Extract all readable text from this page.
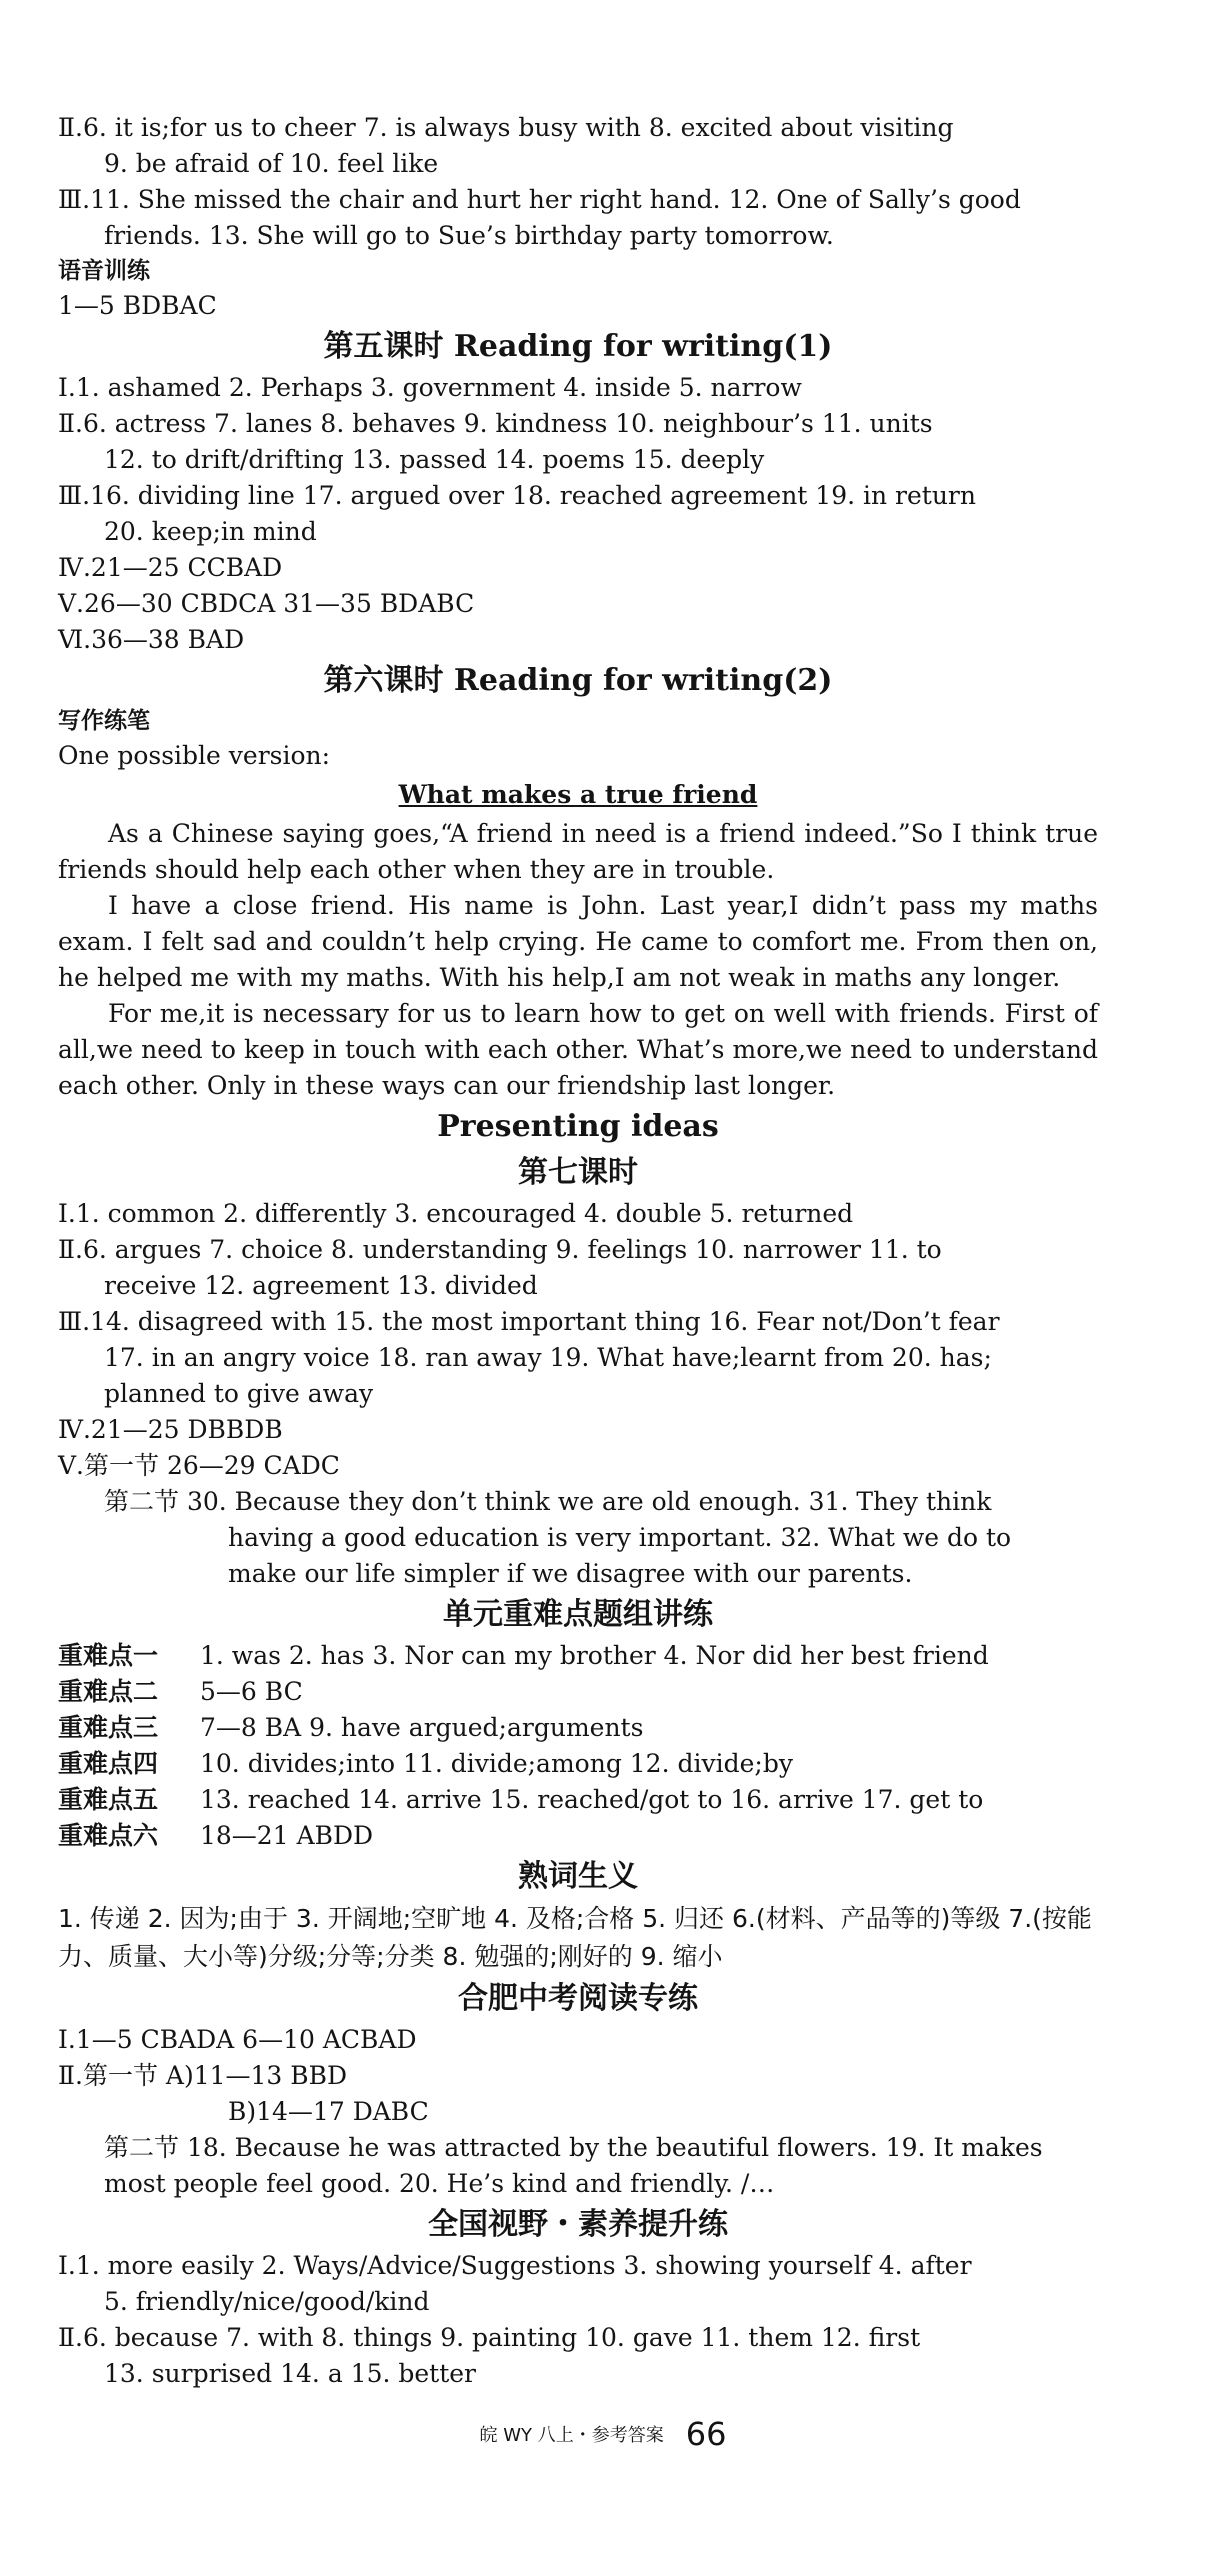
Ⅱ.6. it is;for us to cheer 7. is always busy with 8. excited about visiting
9. be afraid of 10. feel like
Ⅲ.11. She missed the chair and hurt her right hand. 12. One of Sally’s good
friends. 13. She will go to Sue’s birthday party tomorrow.
语音训练
1—5 BDBAC
第五课时 Reading for writing(1)
Ⅰ.1. ashamed 2. Perhaps 3. government 4. inside 5. narrow
Ⅱ.6. actress 7. lanes 8. behaves 9. kindness 10. neighbour’s 11. units
12. to drift/drifting 13. passed 14. poems 15. deeply
Ⅲ.16. dividing line 17. argued over 18. reached agreement 19. in return
20. keep;in mind
Ⅳ.21—25 CCBAD
Ⅴ.26—30 CBDCA 31—35 BDABC
Ⅵ.36—38 BAD
第六课时 Reading for writing(2)
写作练笔
One possible version:
What makes a true friend
As a Chinese saying goes,“A friend in need is a friend indeed.”So I think true friends should help each other when they are in trouble.
I have a close friend. His name is John. Last year,I didn’t pass my maths exam. I felt sad and couldn’t help crying. He came to comfort me. From then on, he helped me with my maths. With his help,I am not weak in maths any longer.
For me,it is necessary for us to learn how to get on well with friends. First of all,we need to keep in touch with each other. What’s more,we need to understand each other. Only in these ways can our friendship last longer.
Presenting ideas
第七课时
Ⅰ.1. common 2. differently 3. encouraged 4. double 5. returned
Ⅱ.6. argues 7. choice 8. understanding 9. feelings 10. narrower 11. to
receive 12. agreement 13. divided
Ⅲ.14. disagreed with 15. the most important thing 16. Fear not/Don’t fear
17. in an angry voice 18. ran away 19. What have;learnt from 20. has;
planned to give away
Ⅳ.21—25 DBBDB
Ⅴ.第一节 26—29 CADC
第二节 30. Because they don’t think we are old enough. 31. They think
having a good education is very important. 32. What we do to
make our life simpler if we disagree with our parents.
单元重难点题组讲练
重难点一 1. was 2. has 3. Nor can my brother 4. Nor did her best friend
重难点二 5—6 BC
重难点三 7—8 BA 9. have argued;arguments
重难点四 10. divides;into 11. divide;among 12. divide;by
重难点五 13. reached 14. arrive 15. reached/got to 16. arrive 17. get to
重难点六 18—21 ABDD
熟词生义
1. 传递 2. 因为;由于 3. 开阔地;空旷地 4. 及格;合格 5. 归还 6.(材料、产品等的)等级 7.(按能力、质量、大小等)分级;分等;分类 8. 勉强的;刚好的 9. 缩小
合肥中考阅读专练
Ⅰ.1—5 CBADA 6—10 ACBAD
Ⅱ.第一节 A)11—13 BBD
B)14—17 DABC
第二节 18. Because he was attracted by the beautiful flowers. 19. It makes
most people feel good. 20. He’s kind and friendly. /…
全国视野・素养提升练
Ⅰ.1. more easily 2. Ways/Advice/Suggestions 3. showing yourself 4. after
5. friendly/nice/good/kind
Ⅱ.6. because 7. with 8. things 9. painting 10. gave 11. them 12. first
13. surprised 14. a 15. better
皖 WY 八上・参考答案 66
